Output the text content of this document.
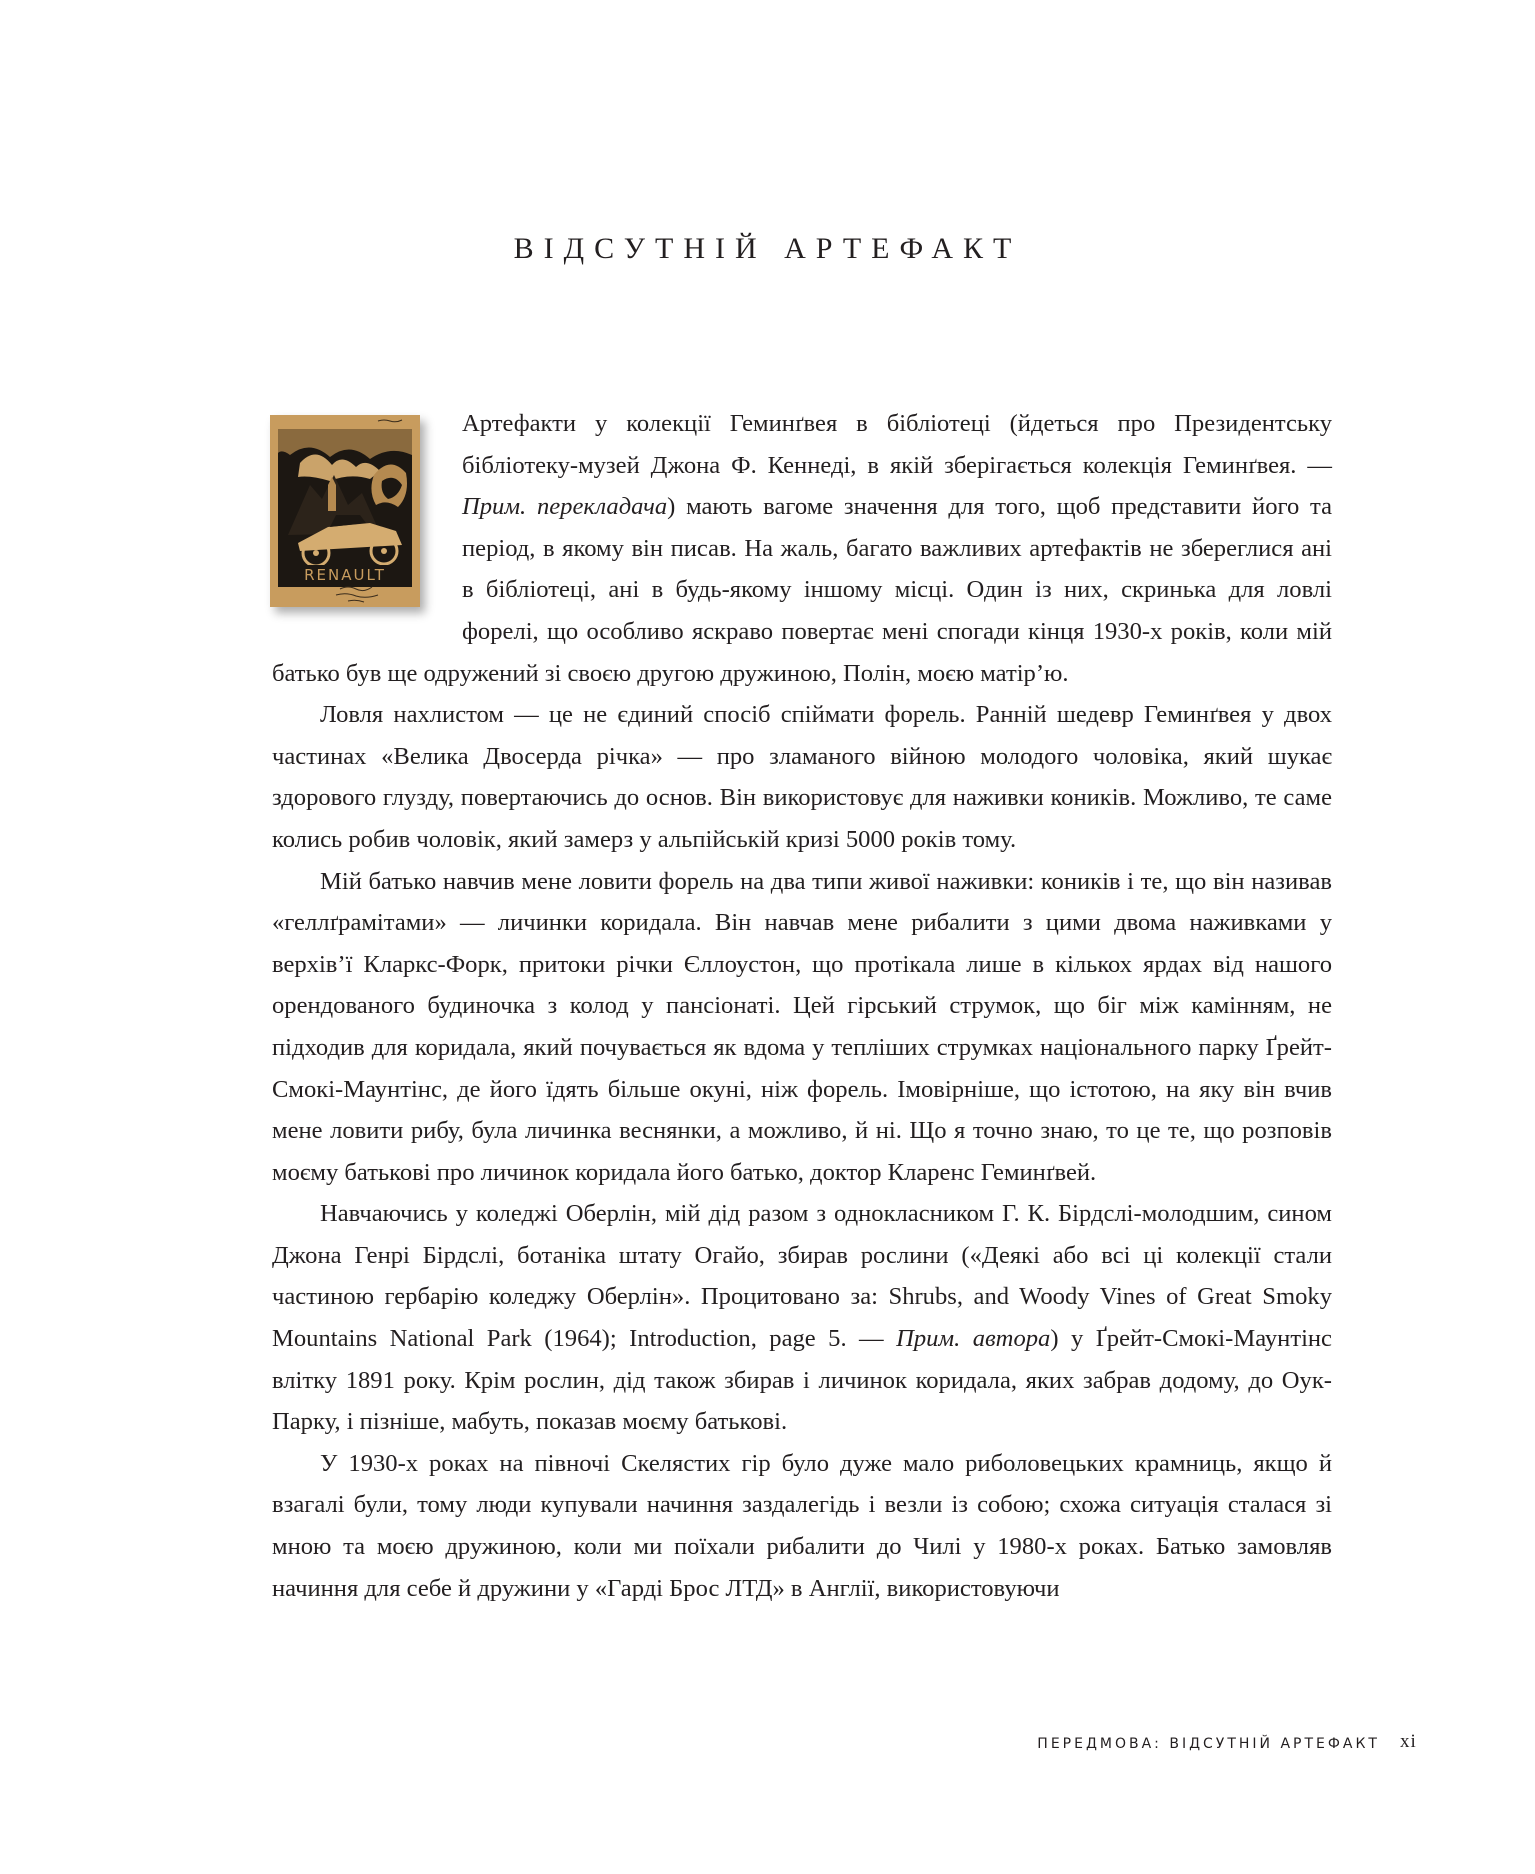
ВІДСУТНІЙ АРТЕФАКТ
RENAULT

Артефакти у колекції Геминґвея в бібліотеці (йдеться про Президентську бібліотеку-музей Джона Ф. Кеннеді, в якій зберігається колекція Геминґвея. — Прим. перекладача) мають вагоме значення для того, щоб представити його та період, в якому він писав. На жаль, багато важливих артефактів не збереглися ані в бібліотеці, ані в будь-якому іншому місці. Один із них, скринька для ловлі форелі, що особливо яскраво повертає мені спогади кінця 1930-х років, коли мій батько був ще одружений зі своєю другою дружиною, Полін, моєю матір’ю.

Ловля нахлистом — це не єдиний спосіб спіймати форель. Ранній шедевр Геминґвея у двох частинах «Велика Двосерда річка» — про зламаного війною молодого чоловіка, який шукає здорового глузду, повертаючись до основ. Він використовує для наживки коників. Можливо, те саме колись робив чоловік, який замерз у альпійській кризі 5000 років тому.

Мій батько навчив мене ловити форель на два типи живої наживки: коників і те, що він називав «геллґрамітами» — личинки коридала. Він навчав мене рибалити з цими двома наживками у верхів’ї Кларкс-Форк, притоки річки Єллоустон, що протікала лише в кількох ярдах від нашого орендованого будиночка з колод у пансіонаті. Цей гірський струмок, що біг між камінням, не підходив для коридала, який почувається як вдома у тепліших струмках національного парку Ґрейт-Смокі-Маунтінс, де його їдять більше окуні, ніж форель. Імовірніше, що істотою, на яку він вчив мене ловити рибу, була личинка веснянки, а можливо, й ні. Що я точно знаю, то це те, що розповів моєму батькові про личинок коридала його батько, доктор Кларенс Геминґвей.

Навчаючись у коледжі Оберлін, мій дід разом з однокласником Г. К. Бірдслі-молодшим, сином Джона Генрі Бірдслі, ботаніка штату Огайо, збирав рослини («Деякі або всі ці колекції стали частиною гербарію коледжу Оберлін». Процитовано за: Shrubs, and Woody Vines of Great Smoky Mountains National Park (1964); Introduction, page 5. — Прим. автора) у Ґрейт-Смокі-Маунтінс влітку 1891 року. Крім рослин, дід також збирав і личинок коридала, яких забрав додому, до Оук-Парку, і пізніше, мабуть, показав моєму батькові.

У 1930-х роках на півночі Скелястих гір було дуже мало риболовецьких крамниць, якщо й взагалі були, тому люди купували начиння заздалегідь і везли із собою; схожа ситуація сталася зі мною та моєю дружиною, коли ми поїхали рибалити до Чилі у 1980-х роках. Батько замовляв начиння для себе й дружини у «Гарді Брос ЛТД» в Англії, використовуючи

ПЕРЕДМОВА: ВІДСУТНІЙ АРТЕФАКТ xi
